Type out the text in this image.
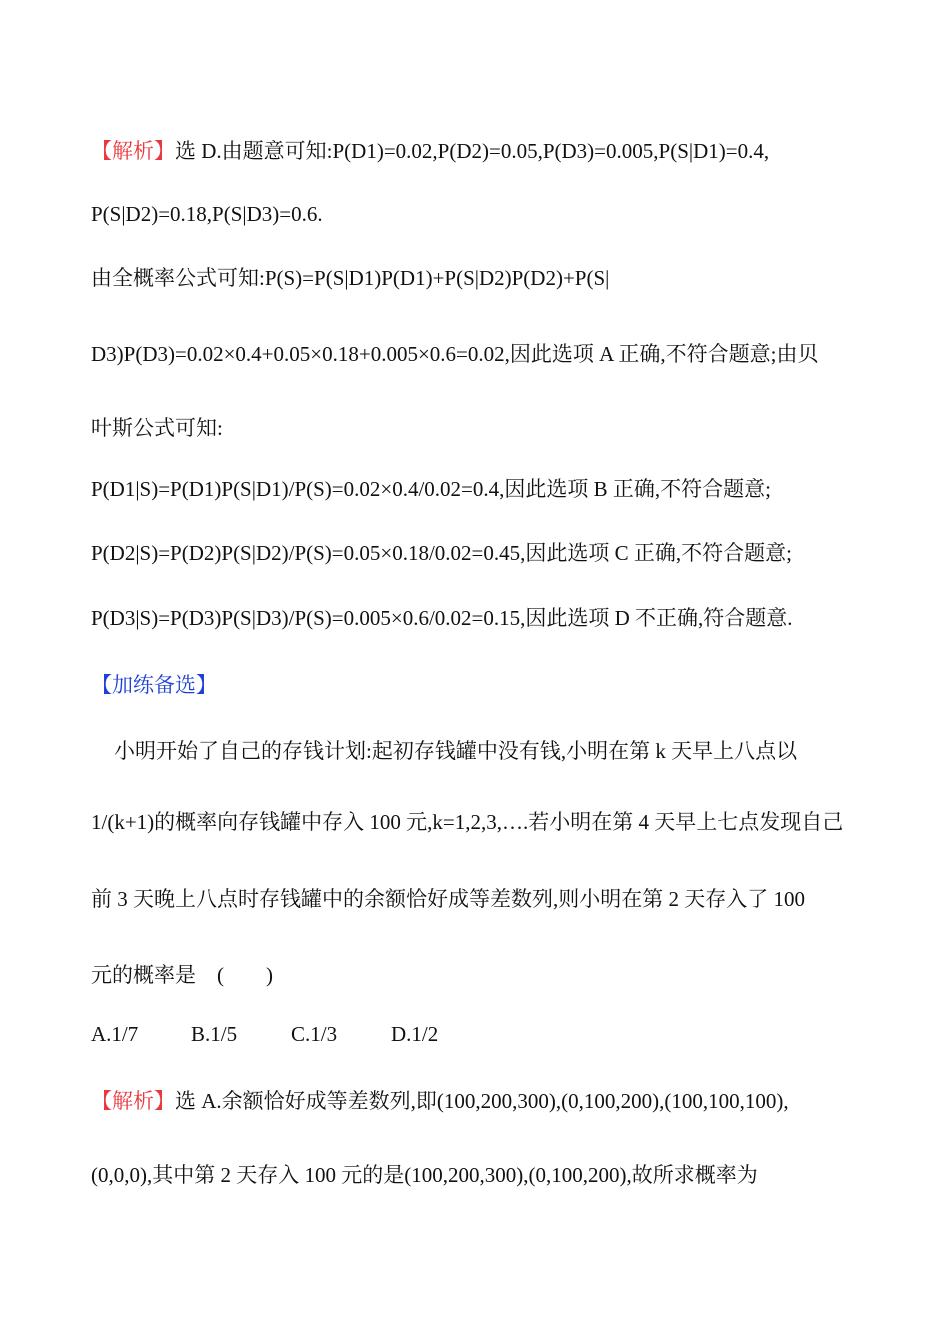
【解析】选 D.由题意可知:P(D1)=0.02,P(D2)=0.05,P(D3)=0.005,P(S|D1)=0.4,
P(S|D2)=0.18,P(S|D3)=0.6.
由全概率公式可知:P(S)=P(S|D1)P(D1)+P(S|D2)P(D2)+P(S|
D3)P(D3)=0.02×0.4+0.05×0.18+0.005×0.6=0.02,因此选项 A 正确,不符合题意;由贝
叶斯公式可知:
P(D1|S)=P(D1)P(S|D1)/P(S)=0.02×0.4/0.02=0.4,因此选项 B 正确,不符合题意;
P(D2|S)=P(D2)P(S|D2)/P(S)=0.05×0.18/0.02=0.45,因此选项 C 正确,不符合题意;
P(D3|S)=P(D3)P(S|D3)/P(S)=0.005×0.6/0.02=0.15,因此选项 D 不正确,符合题意.
【加练备选】
小明开始了自己的存钱计划:起初存钱罐中没有钱,小明在第 k 天早上八点以
1/(k+1)的概率向存钱罐中存入 100 元,k=1,2,3,….若小明在第 4 天早上七点发现自己
前 3 天晚上八点时存钱罐中的余额恰好成等差数列,则小明在第 2 天存入了 100
元的概率是　(　　)
A.1/7	B.1/5	C.1/3	D.1/2
【解析】选 A.余额恰好成等差数列,即(100,200,300),(0,100,200),(100,100,100),
(0,0,0),其中第 2 天存入 100 元的是(100,200,300),(0,100,200),故所求概率为
